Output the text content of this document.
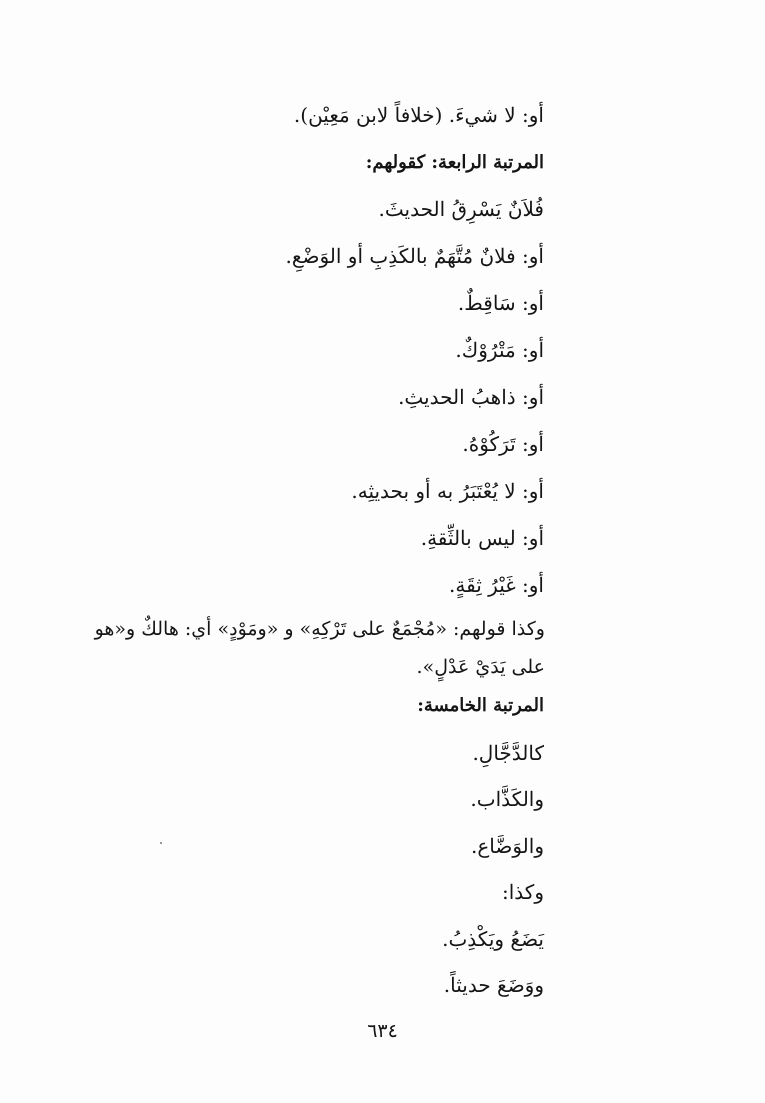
أو: لا شيءَ. (خلافاً لابن مَعِيْن).
المرتبة الرابعة: كقولهم:
فُلاَنٌ يَسْرِقُ الحديثَ.
أو: فلانٌ مُتَّهَمٌ بالكَذِبِ أو الوَضْعِ.
أو: سَاقِطٌ.
أو: مَتْرُوْكٌ.
أو: ذاهبُ الحديثِ.
أو: تَرَكُوْهُ.
أو: لا يُعْتَبَرُ به أو بحديثِه.
أو: ليس بالثِّقةِ.
أو: غَيْرُ ثِقَةٍ.
وكذا قولهم: «مُجْمَعٌ على تَرْكِهِ» و «ومَوْدٍ» أي: هالكٌ و«هو
على يَدَيْ عَدْلٍ».
المرتبة الخامسة:
كالدَّجَّالِ.
والكَذَّاب.
والوَضَّاع.
وكذا:
يَضَعُ ويَكْذِبُ.
ووَضَعَ حديثاً.
٦٣٤
